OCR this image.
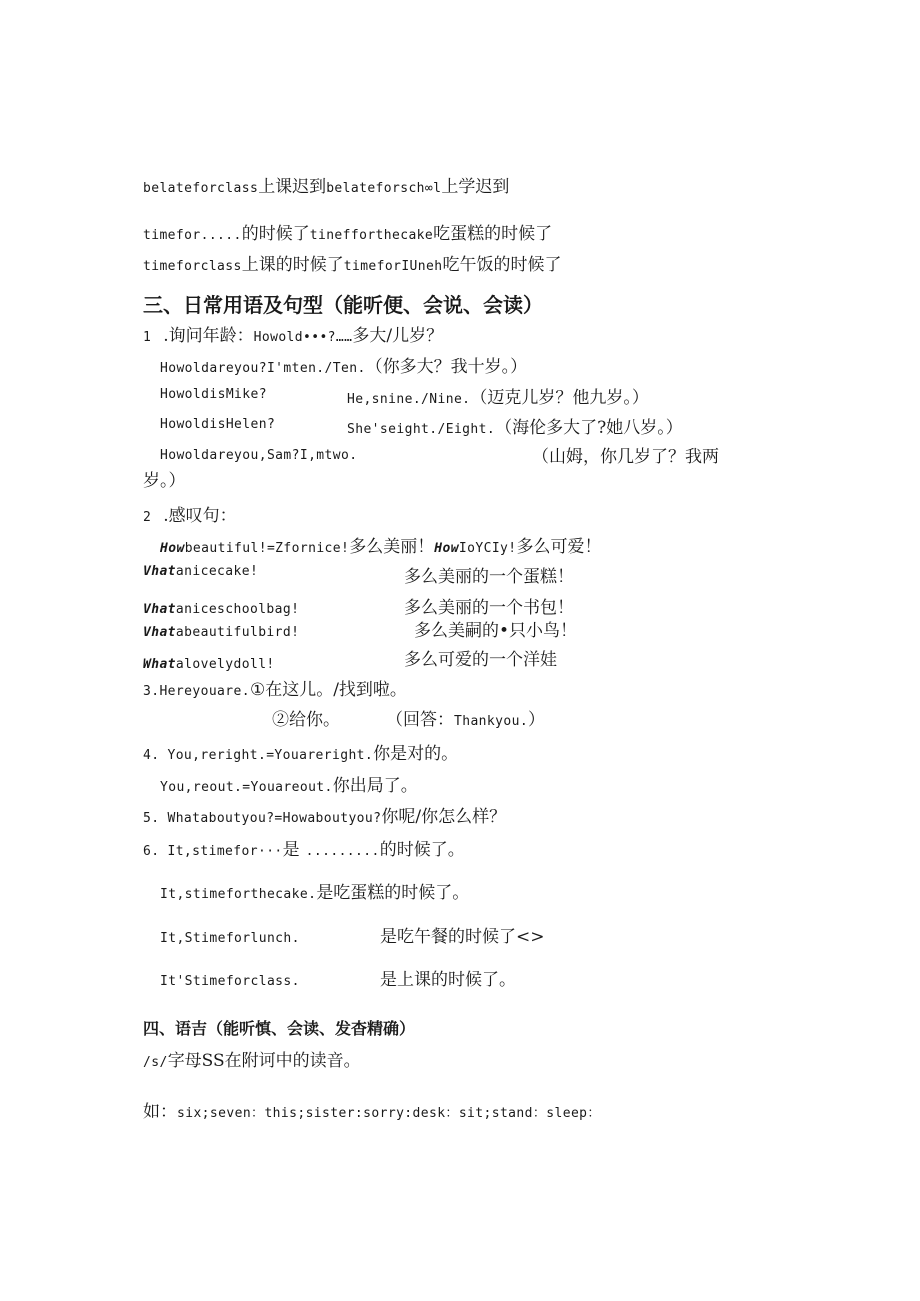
belateforclass上课迟到belateforsch∞l上学迟到
timefor.....的时候了tinefforthecake吃蛋糕的时候了
timeforclass上课的时候了timeforIUneh吃午饭的时候了
三、日常用语及句型（能听便、会说、会读）
1 .询问年龄：Howold•••?……多大/儿岁？
Howoldareyou?I'mten./Ten.（你多大？我十岁。）
HowoldisMike?	He,snine./Nine.（迈克儿岁？他九岁。）
HowoldisHelen?	She'seight./Eight.（海伦多大了?她八岁。）
Howoldareyou,Sam?I,mtwo.	（山姆，你几岁了？我两
岁。）
2 .感叹句：
Howbeautiful!=Zfornice!多么美丽！HowIoYCIy!多么可爱！
Vhatanicecake!	多么美丽的一个蛋糕！
Vhataniceschoolbag!	多么美丽的一个书包！
Vhatabeautifulbird!	多么美嗣的•只小鸟！
Whatalovelydoll!	多么可爱的一个洋娃
3.Hereyouare.①在这儿。/找到啦。
②给你。	（回答：Thankyou.）
4. You,reright.=Youareright.你是对的。
You,reout.=Youareout.你出局了。
5. Whataboutyou?=Howaboutyou?你呢/你怎么样？
6. It,stimefor···是 .........的时候了。
It,stimeforthecake.是吃蛋糕的时候了。
It,Stimeforlunch.	是吃午餐的时候了<>
It'Stimeforclass.	是上课的时候了。
四、语吉（能听慎、会读、发杳精确）
/s/字母SS在附诃中的读音。
如：six;seven：this;sister:sorry:desk：sit;stand：sleep：
